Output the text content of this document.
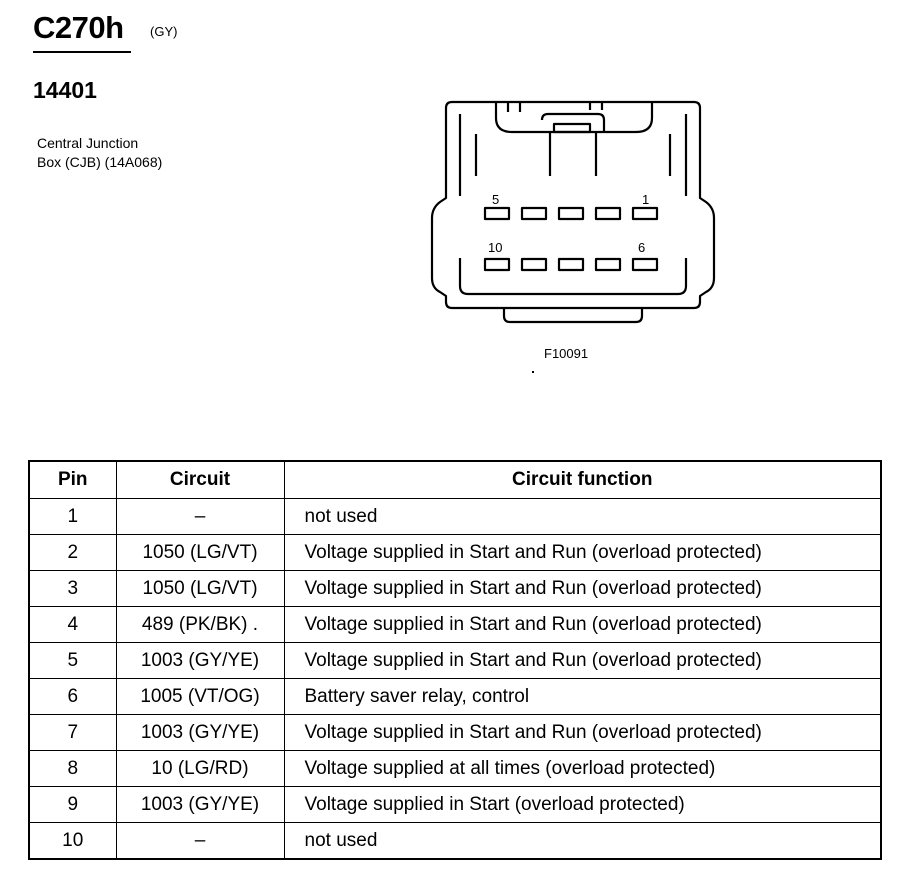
C270h (GY)
14401
Central Junction
Box (CJB) (14A068)
5	1
10	6
F10091
Pin	Circuit	Circuit function
1	–	not used
2	1050 (LG/VT)	Voltage supplied in Start and Run (overload protected)
3	1050 (LG/VT)	Voltage supplied in Start and Run (overload protected)
4	489 (PK/BK) .	Voltage supplied in Start and Run (overload protected)
5	1003 (GY/YE)	Voltage supplied in Start and Run (overload protected)
6	1005 (VT/OG)	Battery saver relay, control
7	1003 (GY/YE)	Voltage supplied in Start and Run (overload protected)
8	10 (LG/RD)	Voltage supplied at all times (overload protected)
9	1003 (GY/YE)	Voltage supplied in Start (overload protected)
10	–	not used
